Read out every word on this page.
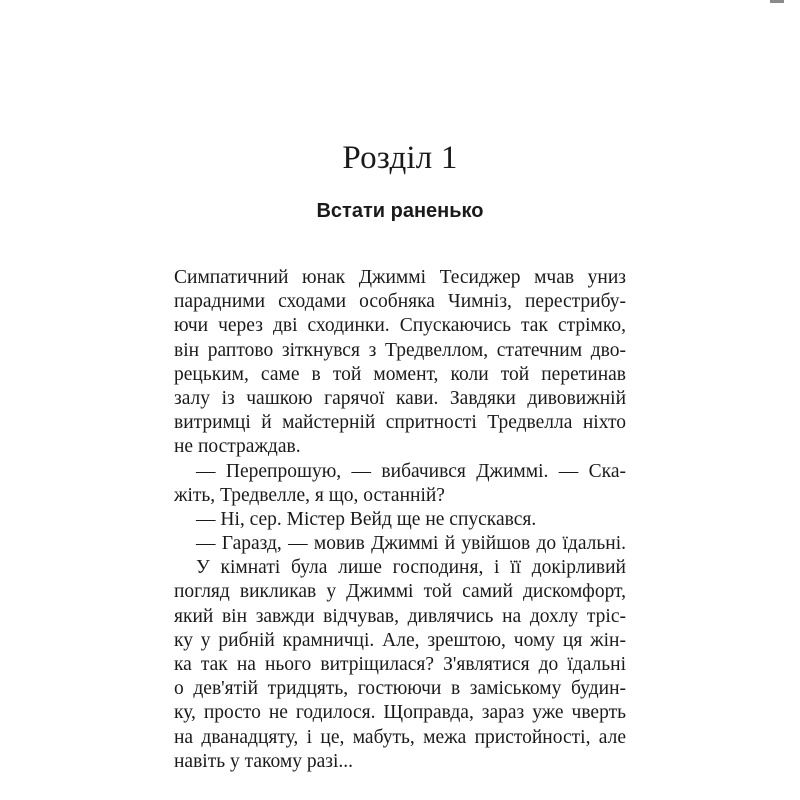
Розділ 1
Встати раненько
Симпатичний юнак Джиммі Тесиджер мчав униз
парадними сходами особняка Чимніз, перестрибу-
ючи через дві сходинки. Спускаючись так стрімко,
він раптово зіткнувся з Тредвеллом, статечним дво-
рецьким, саме в той момент, коли той перетинав
залу із чашкою гарячої кави. Завдяки дивовижній
витримці й майстерній спритності Тредвелла ніхто
не постраждав.
— Перепрошую, — вибачився Джиммі. — Ска-
жіть, Тредвелле, я що, останній?
— Ні, сер. Містер Вейд ще не спускався.
— Гаразд, — мовив Джиммі й увійшов до їдальні.
У кімнаті була лише господиня, і її докірливий
погляд викликав у Джиммі той самий дискомфорт,
який він завжди відчував, дивлячись на дохлу тріс-
ку у рибній крамничці. Але, зрештою, чому ця жін-
ка так на нього витріщилася? З'являтися до їдальні
о дев'ятій тридцять, гостюючи в заміському будин-
ку, просто не годилося. Щоправда, зараз уже чверть
на дванадцяту, і це, мабуть, межа пристойності, але
навіть у такому разі...
